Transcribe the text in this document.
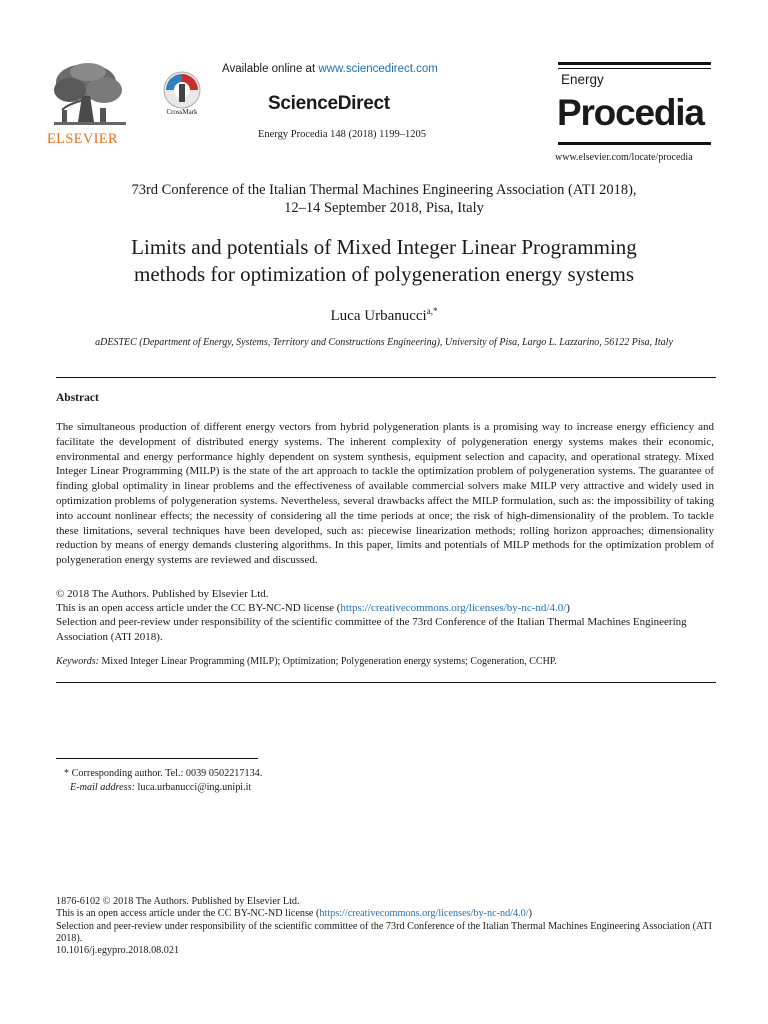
ELSEVIER
CrossMark
Available online at www.sciencedirect.com
ScienceDirect
Energy Procedia 148 (2018) 1199–1205
Energy
Procedia
www.elsevier.com/locate/procedia
73rd Conference of the Italian Thermal Machines Engineering Association (ATI 2018),
12–14 September 2018, Pisa, Italy
Limits and potentials of Mixed Integer Linear Programming
methods for optimization of polygeneration energy systems
Luca Urbanucci$^{a,*}$
aDESTEC (Department of Energy, Systems, Territory and Constructions Engineering), University of Pisa, Largo L. Lazzarino, 56122 Pisa, Italy
Abstract
The simultaneous production of different energy vectors from hybrid polygeneration plants is a promising way to increase energy efficiency and facilitate the development of distributed energy systems. The inherent complexity of polygeneration energy systems makes their economic, environmental and energy performance highly dependent on system synthesis, equipment selection and capacity, and operational strategy. Mixed Integer Linear Programming (MILP) is the state of the art approach to tackle the optimization problem of polygeneration systems. The guarantee of finding global optimality in linear problems and the effectiveness of available commercial solvers make MILP very attractive and widely used in optimization problems of polygeneration systems. Nevertheless, several drawbacks affect the MILP formulation, such as: the impossibility of taking into account nonlinear effects; the necessity of considering all the time periods at once; the risk of high-dimensionality of the problem. To tackle these limitations, several techniques have been developed, such as: piecewise linearization methods; rolling horizon approaches; dimensionality reduction by means of energy demands clustering algorithms. In this paper, limits and potentials of MILP methods for the optimization problem of polygeneration energy systems are reviewed and discussed.
© 2018 The Authors. Published by Elsevier Ltd.
This is an open access article under the CC BY-NC-ND license (https://creativecommons.org/licenses/by-nc-nd/4.0/)
Selection and peer-review under responsibility of the scientific committee of the 73rd Conference of the Italian Thermal Machines Engineering Association (ATI 2018).
Keywords: Mixed Integer Linear Programming (MILP); Optimization; Polygeneration energy systems; Cogeneration, CCHP.
* Corresponding author. Tel.: 0039 0502217134.
E-mail address: luca.urbanucci@ing.unipi.it
1876-6102 © 2018 The Authors. Published by Elsevier Ltd.
This is an open access article under the CC BY-NC-ND license (https://creativecommons.org/licenses/by-nc-nd/4.0/)
Selection and peer-review under responsibility of the scientific committee of the 73rd Conference of the Italian Thermal Machines Engineering Association (ATI 2018).
10.1016/j.egypro.2018.08.021
